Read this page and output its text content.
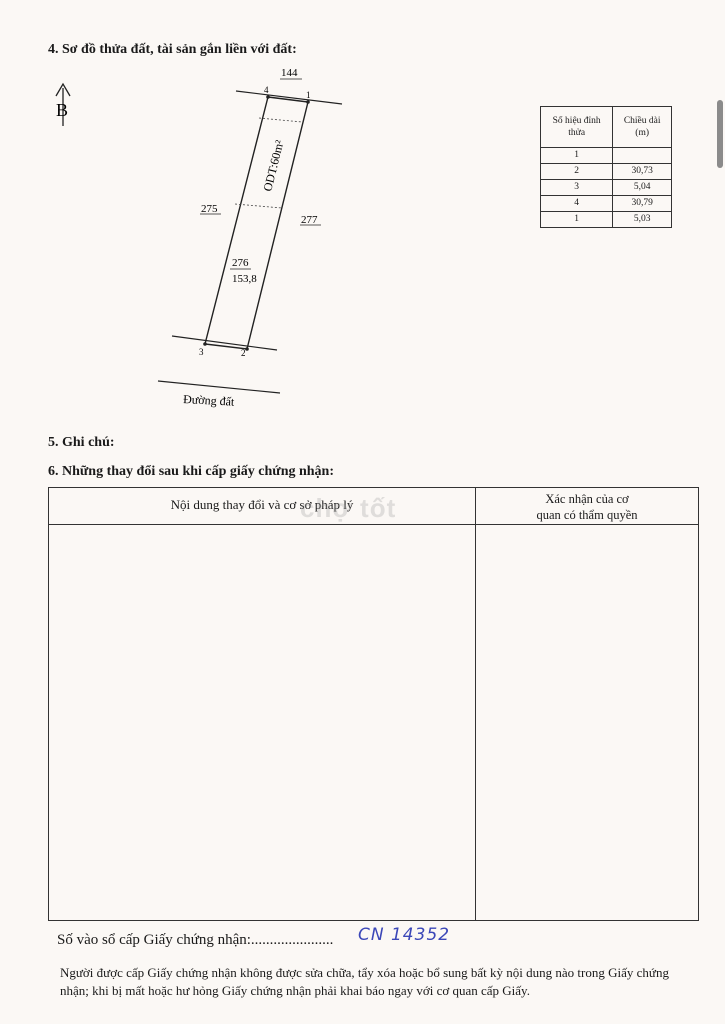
4. Sơ đồ thửa đất, tài sản gắn liền với đất:
B
144
4	1
3	2
275
277
276
153,8
ODT:60m²
Đường đất
Số hiệu đỉnh thửa	Chiều dài (m)
1	
2	30,73
3	5,04
4	30,79
1	5,03
5. Ghi chú:
6. Những thay đổi sau khi cấp giấy chứng nhận:
Nội dung thay đổi và cơ sở pháp lý	Xác nhận của cơ
quan có thẩm quyền
chợ tốt
Số vào sổ cấp Giấy chứng nhận:...................... CN 14352
Người được cấp Giấy chứng nhận không được sửa chữa, tẩy xóa hoặc bổ sung bất kỳ nội dung nào trong Giấy chứng nhận; khi bị mất hoặc hư hỏng Giấy chứng nhận phải khai báo ngay với cơ quan cấp Giấy.
